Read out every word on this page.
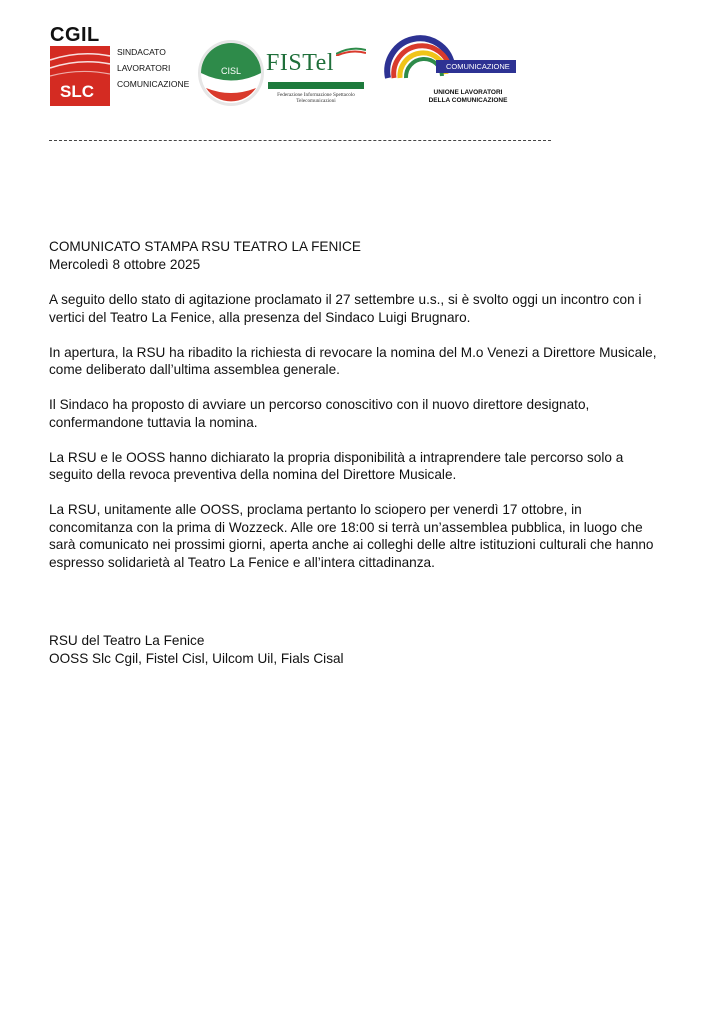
CGIL
SLC
SINDACATO
LAVORATORI
COMUNICAZIONE
CISL	FISTel
Federazione Informazione Spettacolo
Telecomunicazioni
COMUNICAZIONE
UNIONE LAVORATORI
DELLA COMUNICAZIONE
COMUNICATO STAMPA RSU TEATRO LA FENICE
Mercoledì 8 ottobre 2025

A seguito dello stato di agitazione proclamato il 27 settembre u.s., si è svolto oggi un incontro con i vertici del Teatro La Fenice, alla presenza del Sindaco Luigi Brugnaro.

In apertura, la RSU ha ribadito la richiesta di revocare la nomina del M.o Venezi a Direttore Musicale, come deliberato dall’ultima assemblea generale.

Il Sindaco ha proposto di avviare un percorso conoscitivo con il nuovo direttore designato, confermandone tuttavia la nomina.

La RSU e le OOSS hanno dichiarato la propria disponibilità a intraprendere tale percorso solo a seguito della revoca preventiva della nomina del Direttore Musicale.

La RSU, unitamente alle OOSS, proclama pertanto lo sciopero per venerdì 17 ottobre, in concomitanza con la prima di Wozzeck. Alle ore 18:00 si terrà un’assemblea pubblica, in luogo che sarà comunicato nei prossimi giorni, aperta anche ai colleghi delle altre istituzioni culturali che hanno espresso solidarietà al Teatro La Fenice e all’intera cittadinanza.

RSU del Teatro La Fenice
OOSS Slc Cgil, Fistel Cisl, Uilcom Uil, Fials Cisal
